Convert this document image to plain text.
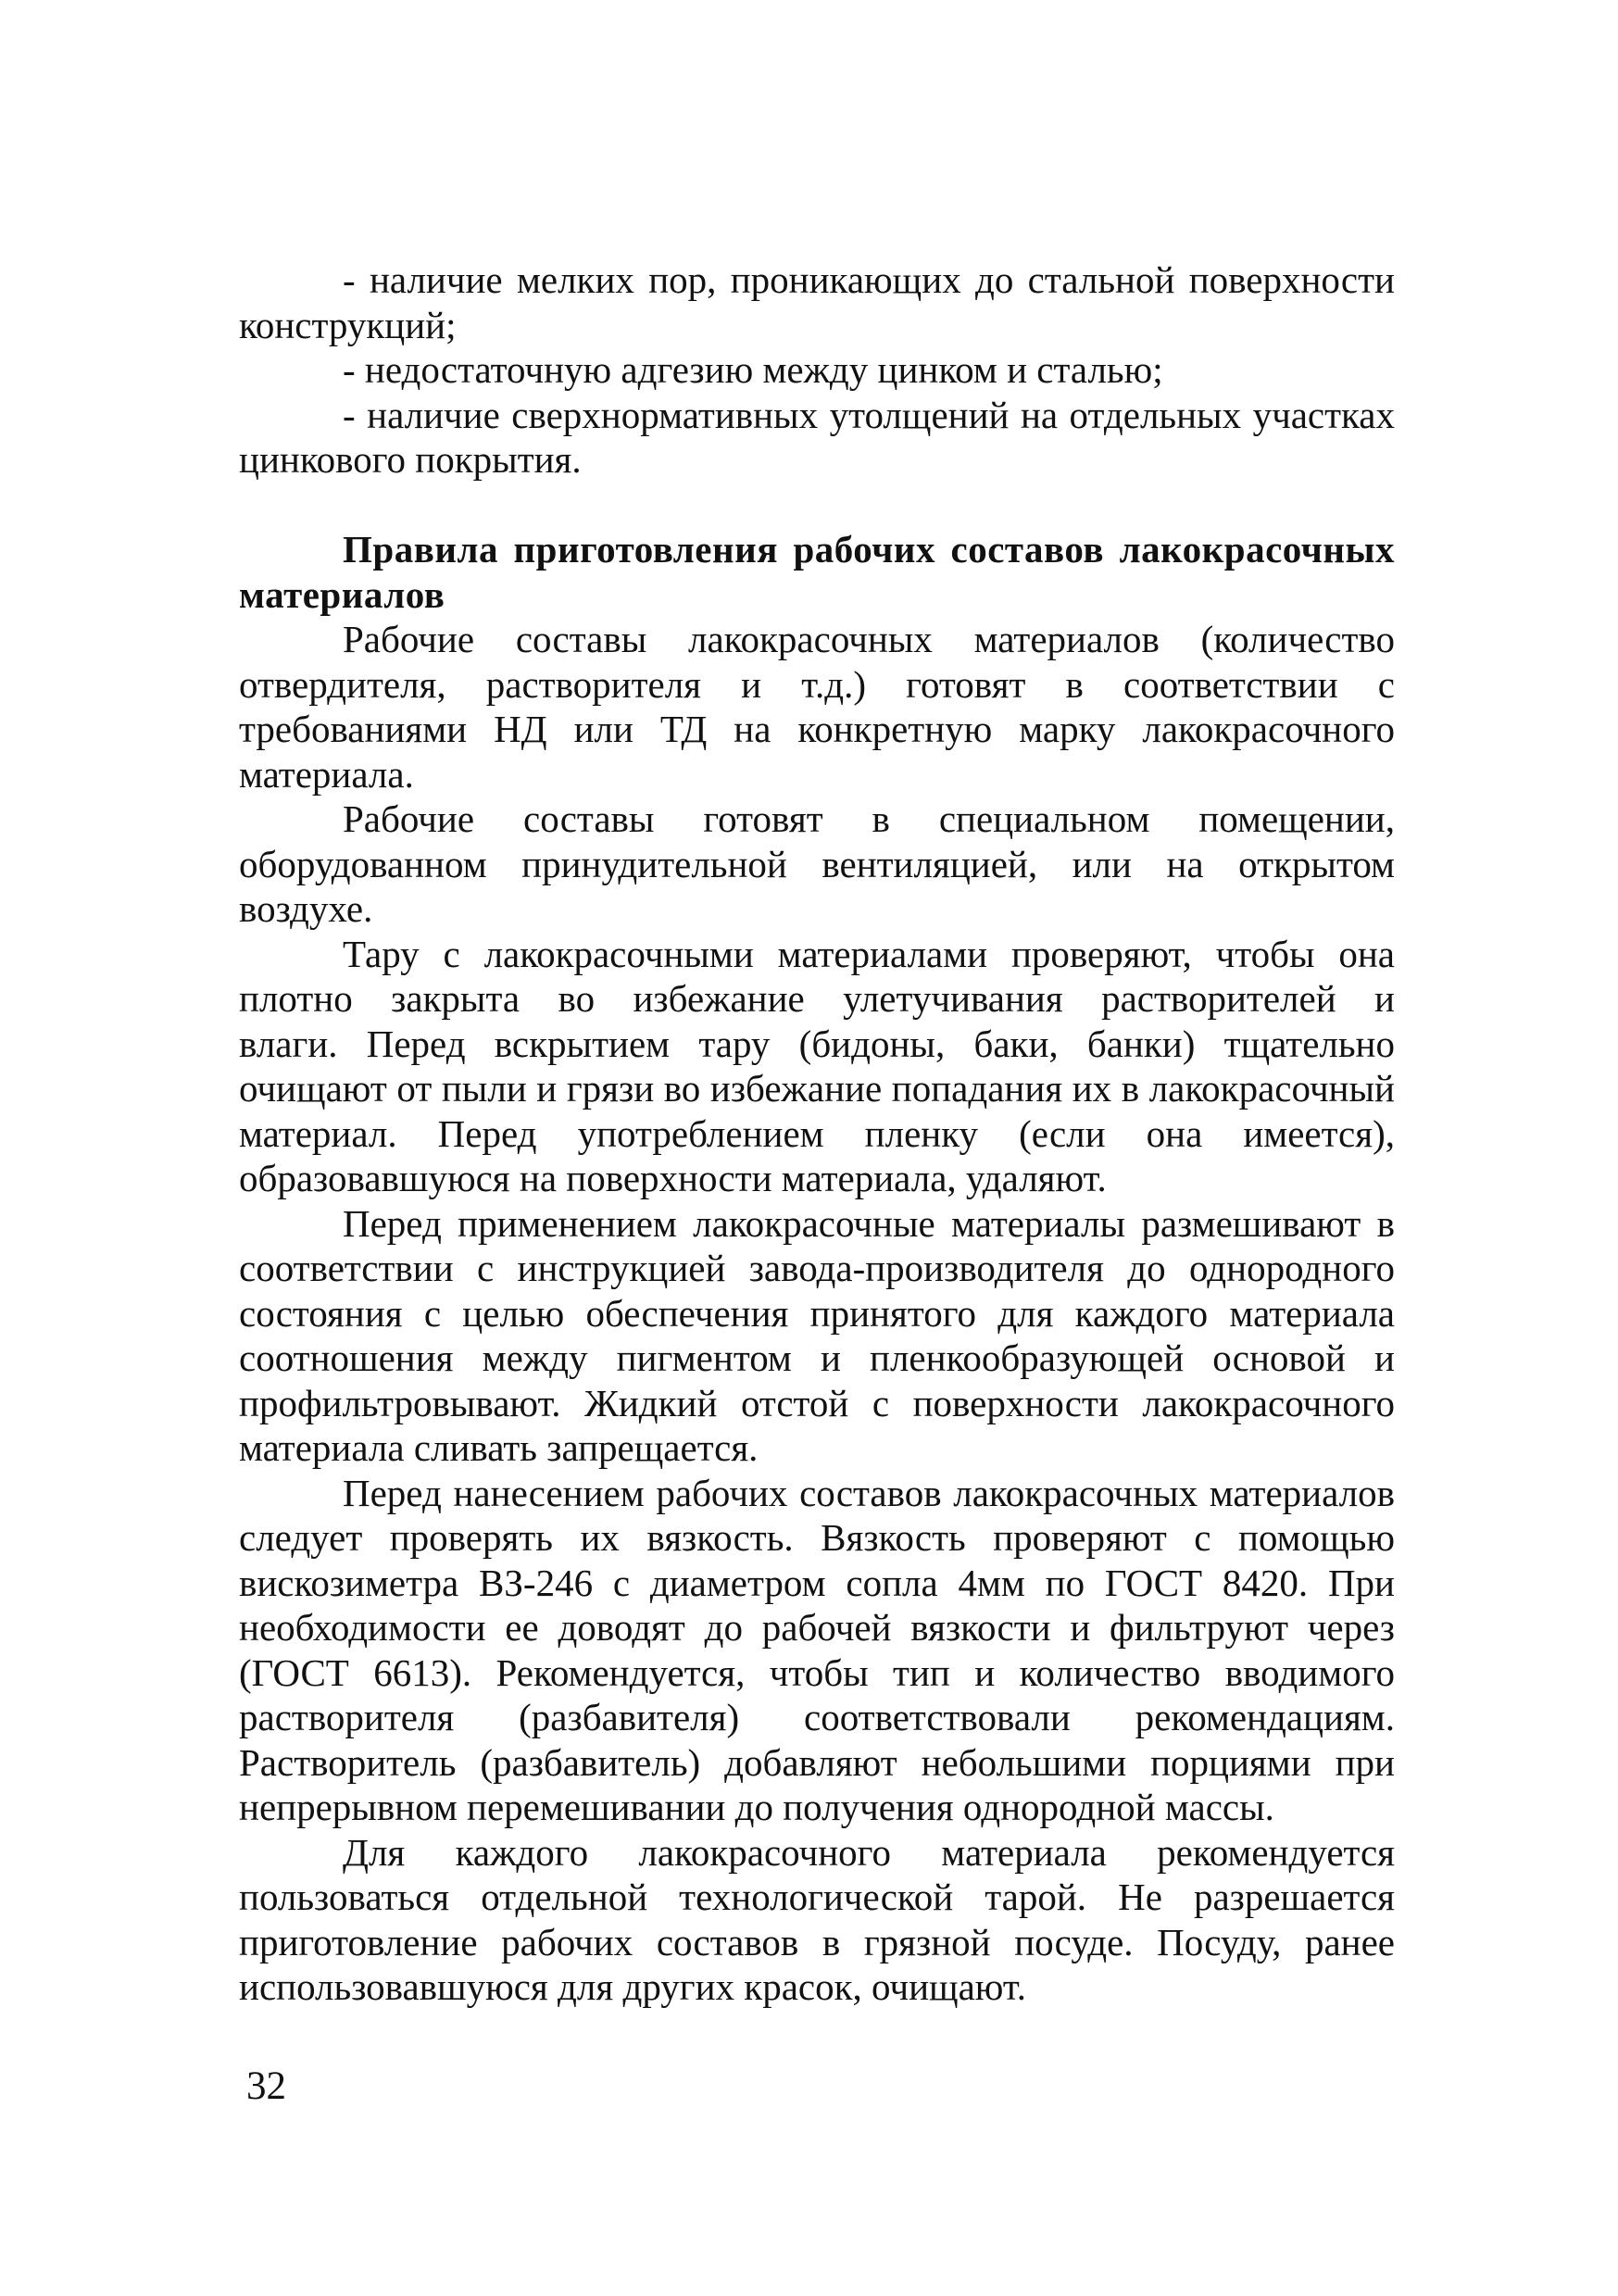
- наличие мелких пор, проникающих до стальной поверхности
конструкций;
- недостаточную адгезию между цинком и сталью;
- наличие сверхнормативных утолщений на отдельных участках
цинкового покрытия.
Правила приготовления рабочих составов лакокрасочных
материалов
Рабочие составы лакокрасочных материалов (количество
отвердителя, растворителя и т.д.) готовят в соответствии с
требованиями НД или ТД на конкретную марку лакокрасочного
материала.
Рабочие составы готовят в специальном помещении,
оборудованном принудительной вентиляцией, или на открытом
воздухе.
Тару с лакокрасочными материалами проверяют, чтобы она
плотно закрыта во избежание улетучивания растворителей и
влаги. Перед вскрытием тару (бидоны, баки, банки) тщательно
очищают от пыли и грязи во избежание попадания их в лакокрасочный
материал. Перед употреблением пленку (если она имеется),
образовавшуюся на поверхности материала, удаляют.
Перед применением лакокрасочные материалы размешивают в
соответствии с инструкцией завода-производителя до однородного
состояния с целью обеспечения принятого для каждого материала
соотношения между пигментом и пленкообразующей основой и
профильтровывают. Жидкий отстой с поверхности лакокрасочного
материала сливать запрещается.
Перед нанесением рабочих составов лакокрасочных материалов
следует проверять их вязкость. Вязкость проверяют с помощью
вискозиметра ВЗ-246 с диаметром сопла 4мм по ГОСТ 8420. При
необходимости ее доводят до рабочей вязкости и фильтруют через
(ГОСТ 6613). Рекомендуется, чтобы тип и количество вводимого
растворителя (разбавителя) соответствовали рекомендациям.
Растворитель (разбавитель) добавляют небольшими порциями при
непрерывном перемешивании до получения однородной массы.
Для каждого лакокрасочного материала рекомендуется
пользоваться отдельной технологической тарой. Не разрешается
приготовление рабочих составов в грязной посуде. Посуду, ранее
использовавшуюся для других красок, очищают.
32
